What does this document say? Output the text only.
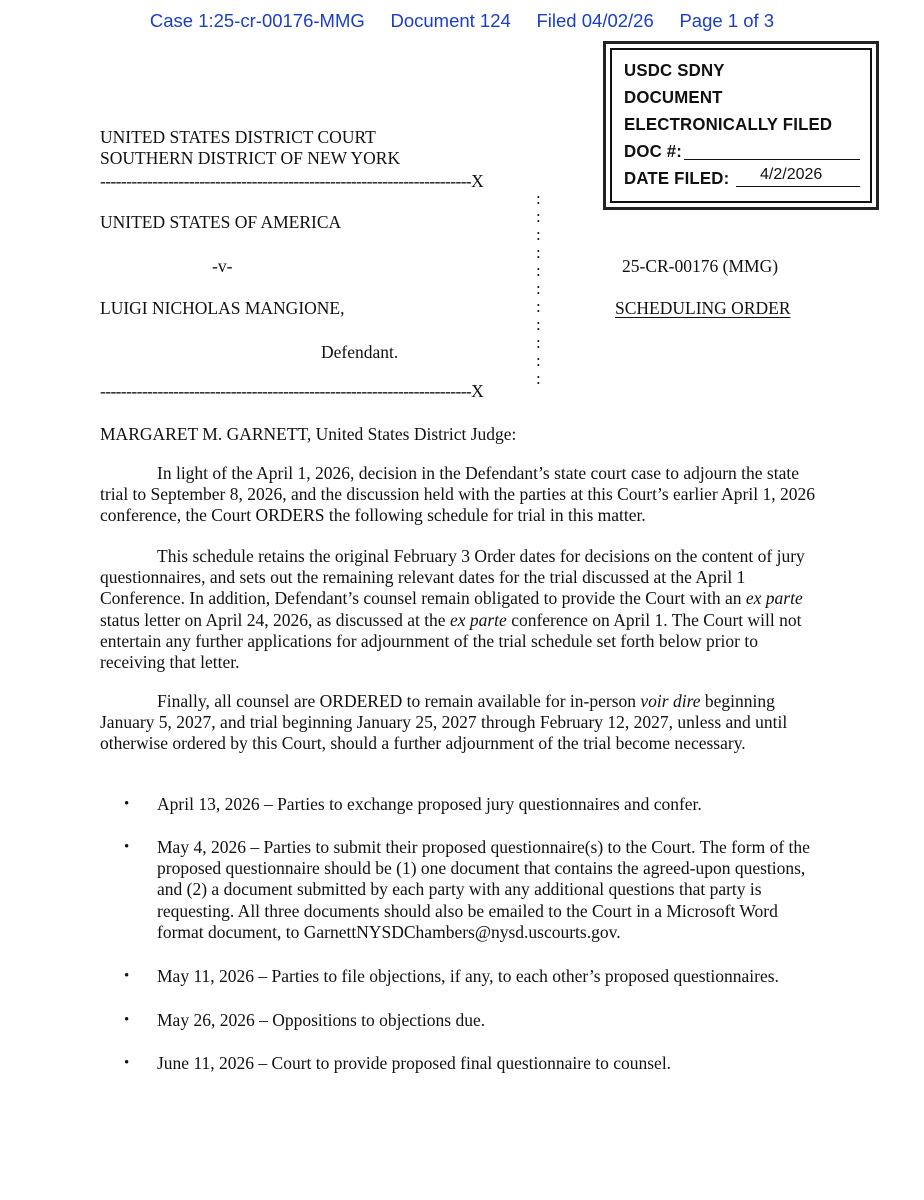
Case 1:25-cr-00176-MMG Document 124 Filed 04/02/26 Page 1 of 3
USDC SDNY
DOCUMENT
ELECTRONICALLY FILED
DOC #:
DATE FILED: 4/2/2026
UNITED STATES DISTRICT COURT
SOUTHERN DISTRICT OF NEW YORK
-----------------------------------------------------------------------X
UNITED STATES OF AMERICA
-v-
LUIGI NICHOLAS MANGIONE,
Defendant.
-----------------------------------------------------------------------X
:
:
:
:
:
:
:
:
:
:
:
25-CR-00176 (MMG)
SCHEDULING ORDER
MARGARET M. GARNETT, United States District Judge:

In light of the April 1, 2026, decision in the Defendant’s state court case to adjourn the state trial to September 8, 2026, and the discussion held with the parties at this Court’s earlier April 1, 2026 conference, the Court ORDERS the following schedule for trial in this matter.

This schedule retains the original February 3 Order dates for decisions on the content of jury questionnaires, and sets out the remaining relevant dates for the trial discussed at the April 1 Conference. In addition, Defendant’s counsel remain obligated to provide the Court with an ex parte status letter on April 24, 2026, as discussed at the ex parte conference on April 1. The Court will not entertain any further applications for adjournment of the trial schedule set forth below prior to receiving that letter.

Finally, all counsel are ORDERED to remain available for in-person voir dire beginning January 5, 2027, and trial beginning January 25, 2027 through February 12, 2027, unless and until otherwise ordered by this Court, should a further adjournment of the trial become necessary.

• April 13, 2026 – Parties to exchange proposed jury questionnaires and confer.
• May 4, 2026 – Parties to submit their proposed questionnaire(s) to the Court. The form of the proposed questionnaire should be (1) one document that contains the agreed-upon questions, and (2) a document submitted by each party with any additional questions that party is requesting. All three documents should also be emailed to the Court in a Microsoft Word format document, to GarnettNYSDChambers@nysd.uscourts.gov.
• May 11, 2026 – Parties to file objections, if any, to each other’s proposed questionnaires.
• May 26, 2026 – Oppositions to objections due.
• June 11, 2026 – Court to provide proposed final questionnaire to counsel.
